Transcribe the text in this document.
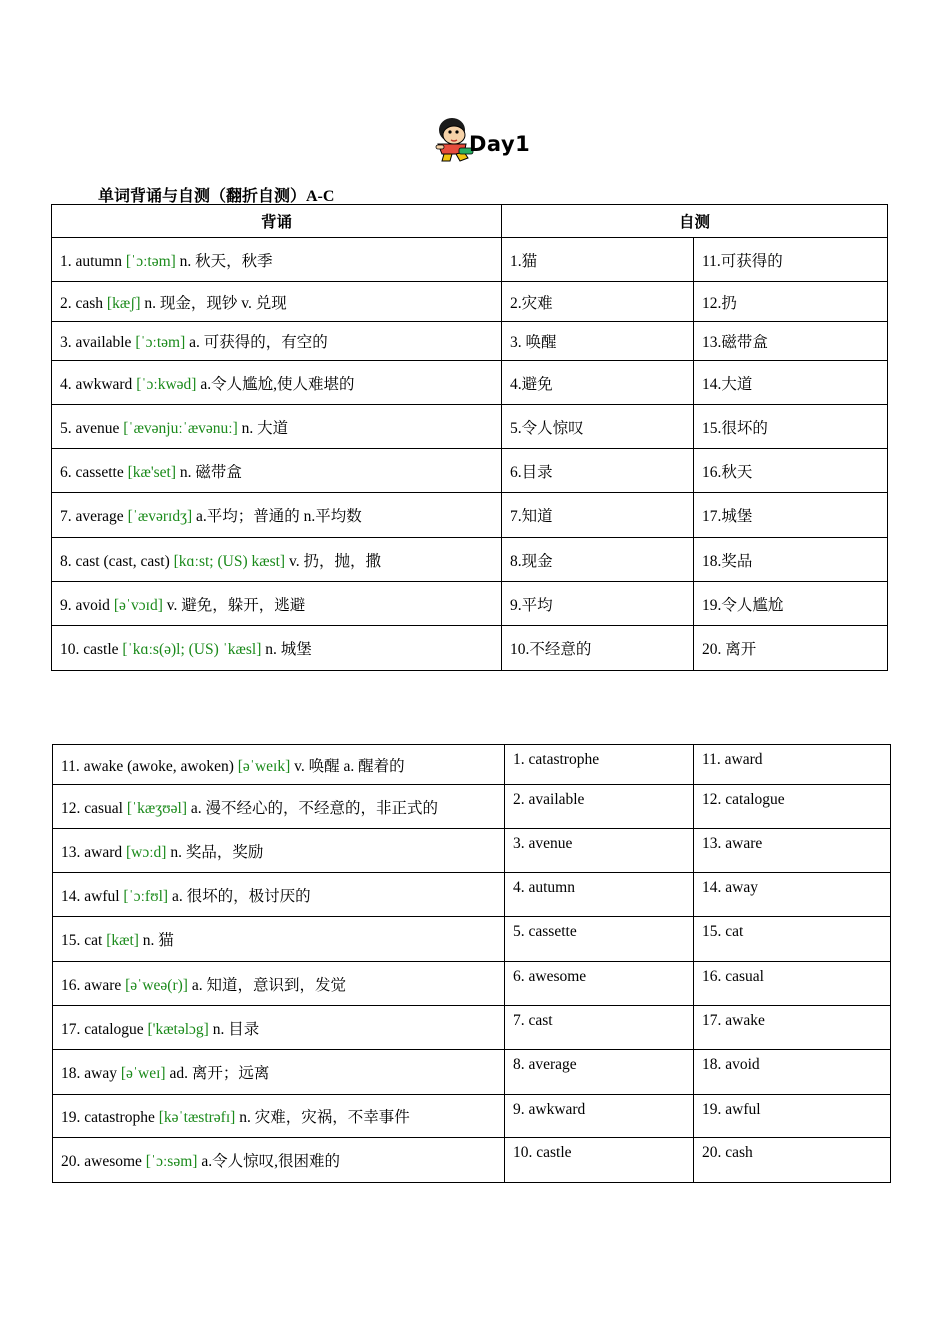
Day1
单词背诵与自测（翻折自测）A-C
背诵	自测	
1. autumn [ˈɔːtəm] n. 秋天，秋季	1.猫	11.可获得的
2. cash [kæʃ] n. 现金，现钞 v. 兑现	2.灾难	12.扔
3. available [ˈɔːtəm] a. 可获得的，有空的	3. 唤醒	13.磁带盒
4. awkward [ˈɔːkwəd] a.令人尴尬,使人难堪的	4.避免	14.大道
5. avenue [ˈævənjuːˈævənuː] n. 大道	5.令人惊叹	15.很坏的
6. cassette [kæ'set] n. 磁带盒	6.目录	16.秋天
7. average [ˈævərɪdʒ] a.平均；普通的 n.平均数	7.知道	17.城堡
8. cast (cast, cast) [kɑːst; (US) kæst] v. 扔，抛，撒	8.现金	18.奖品
9. avoid [əˈvɔɪd] v. 避免，躲开，逃避	9.平均	19.令人尴尬
10. castle [ˈkɑːs(ə)l; (US) ˈkæsl] n. 城堡	10.不经意的	20. 离开
11. awake (awoke, awoken) [əˈweɪk] v. 唤醒 a. 醒着的	1. catastrophe	11. award
12. casual [ˈkæʒʊəl] a. 漫不经心的，不经意的，非正式的	2. available	12. catalogue
13. award [wɔːd] n. 奖品，奖励	3. avenue	13. aware
14. awful [ˈɔːfʊl] a. 很坏的，极讨厌的	4. autumn	14. away
15. cat [kæt] n. 猫	5. cassette	15. cat
16. aware [əˈweə(r)] a. 知道，意识到，发觉	6. awesome	16. casual
17. catalogue ['kætəlɔg] n. 目录	7. cast	17. awake
18. away [əˈweɪ] ad. 离开；远离	8. average	18. avoid
19. catastrophe [kəˈtæstrəfɪ] n. 灾难，灾祸，不幸事件	9. awkward	19. awful
20. awesome [ˈɔːsəm] a.令人惊叹,很困难的	10. castle	20. cash
